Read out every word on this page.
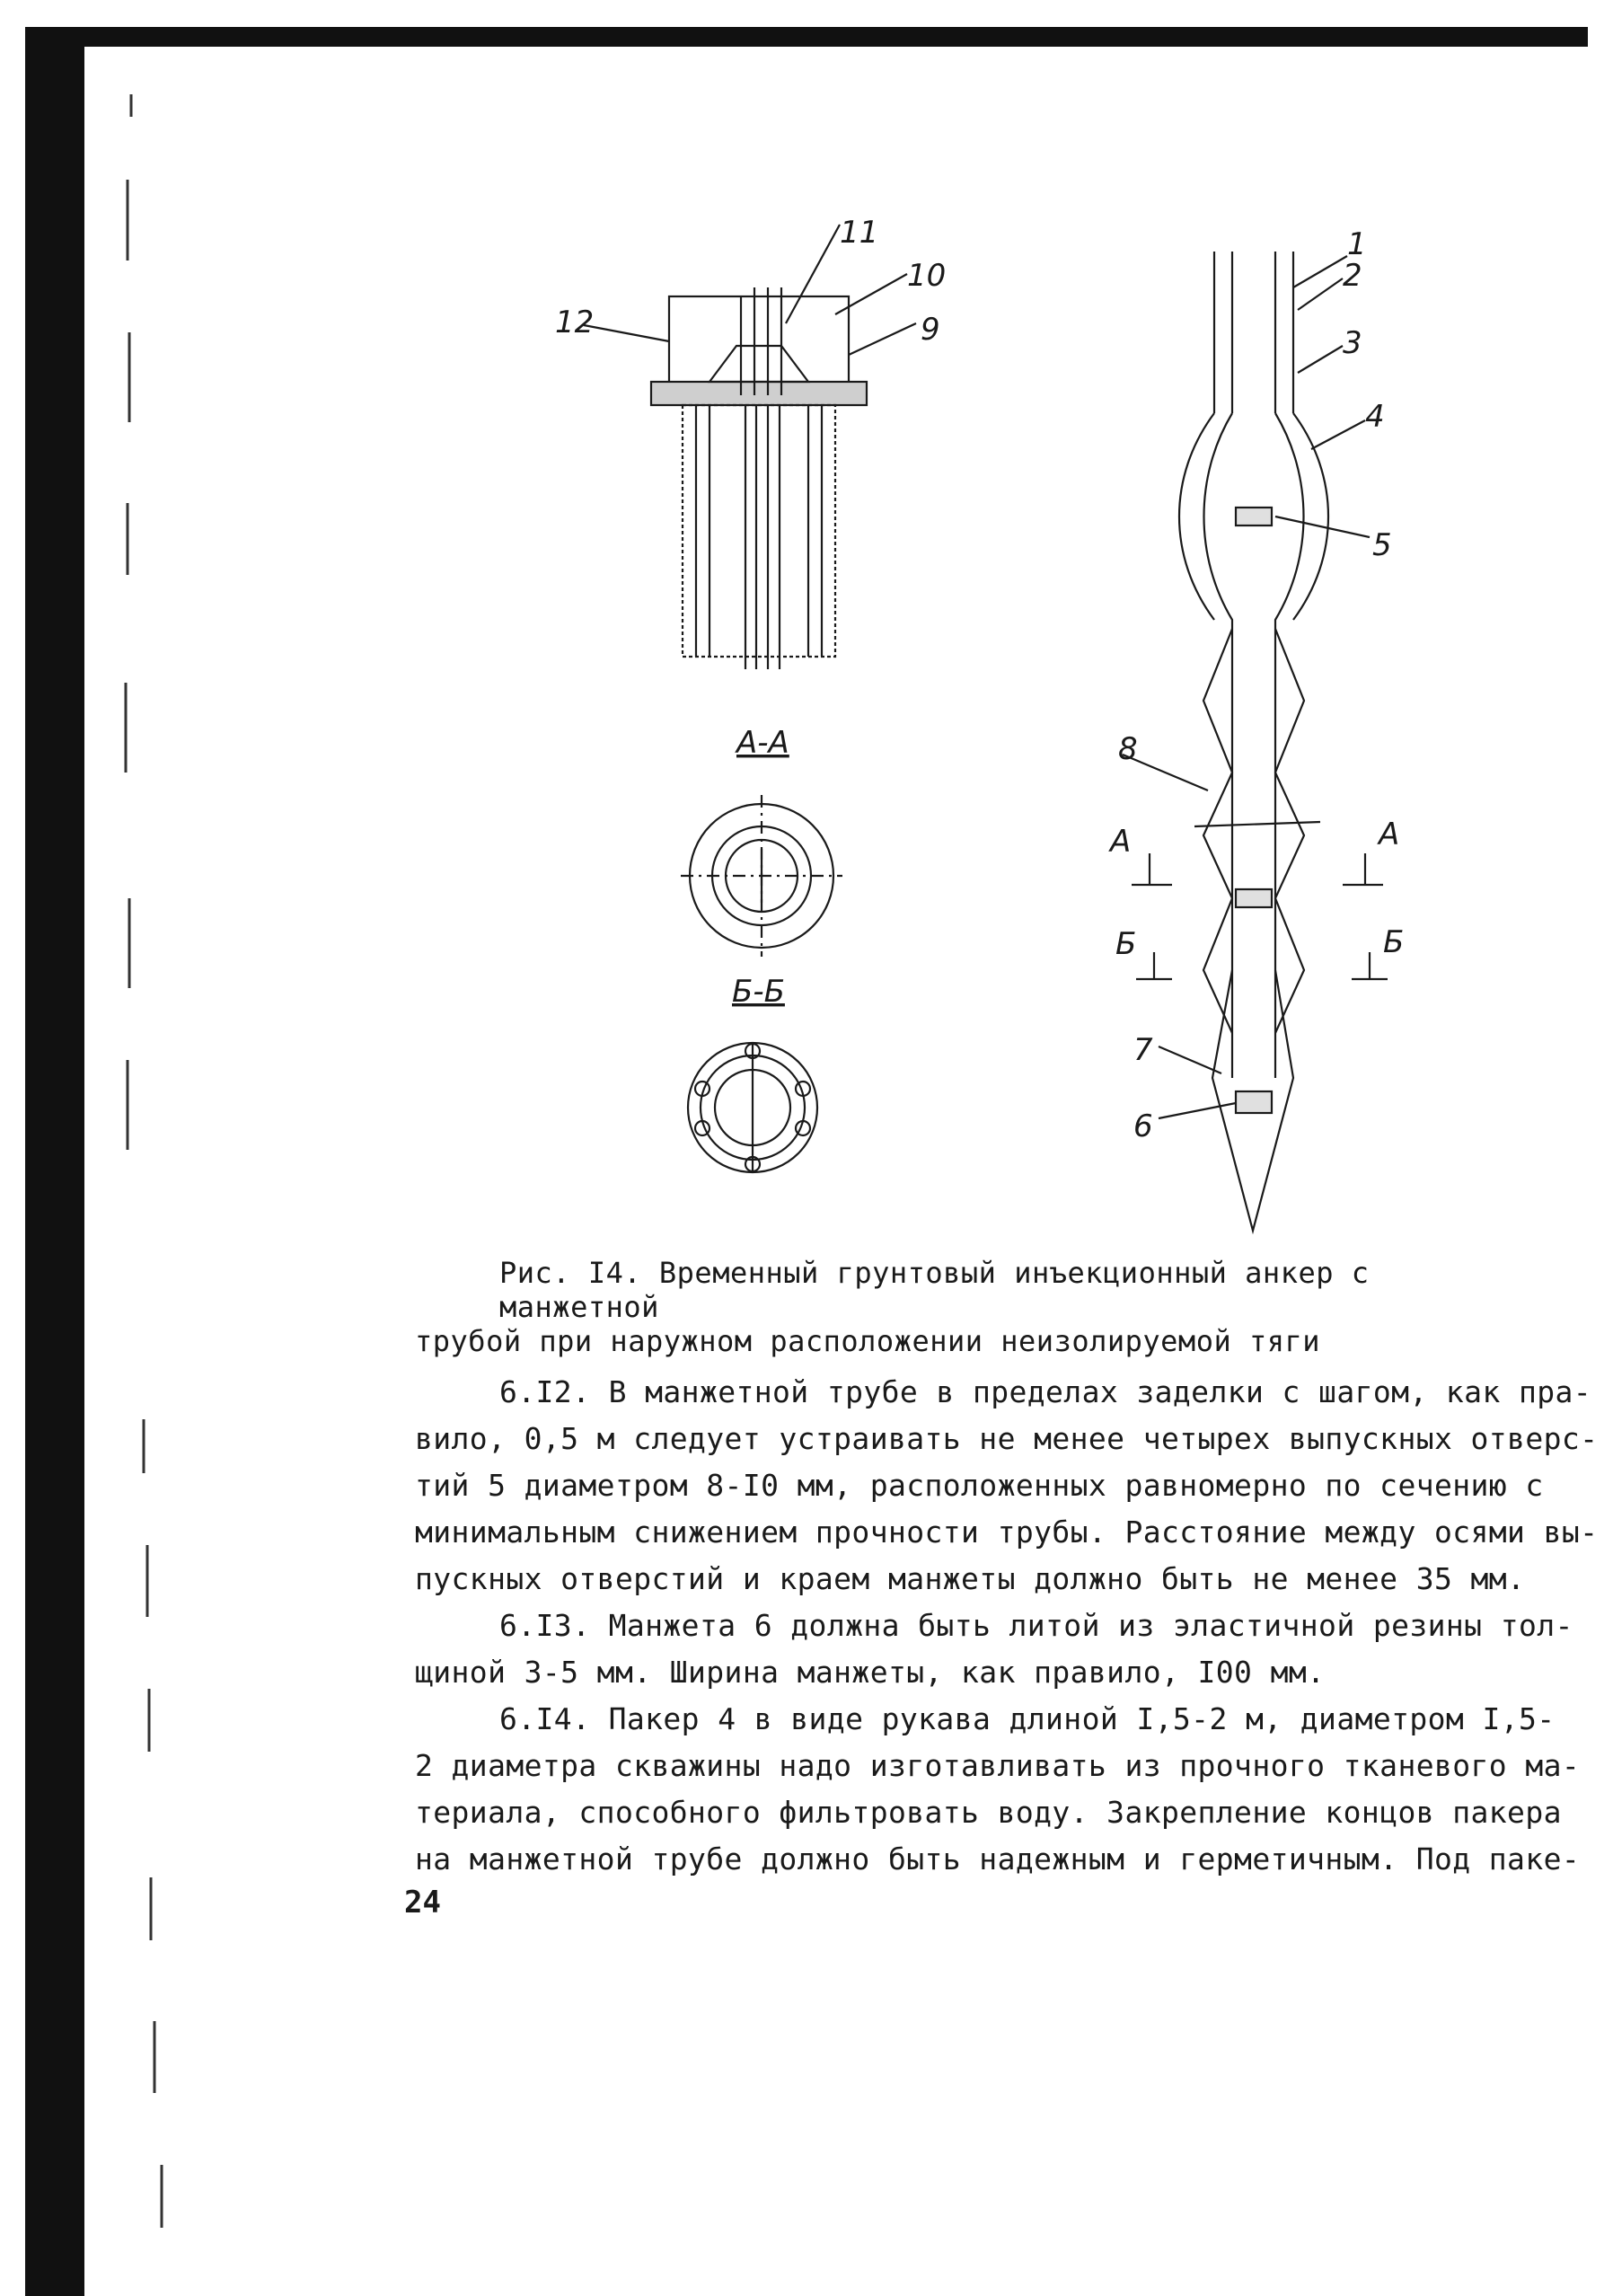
12
11
10
9
1
2
3
4
5
8
7
6
А-А
Б-Б
А	А
Б	Б

Рис. I4. Временный грунтовый инъекционный анкер с манжетной

трубой при наружном расположении неизолируемой тяги

6.I2. В манжетной трубе в пределах заделки с шагом, как пра-
вило, 0,5 м следует устраивать не менее четырех выпускных отверс-
тий 5 диаметром 8-I0 мм, расположенных равномерно по сечению с
минимальным снижением прочности трубы. Расстояние между осями вы-
пускных отверстий и краем манжеты должно быть не менее 35 мм.
6.I3. Манжета 6 должна быть литой из эластичной резины тол-
щиной 3-5 мм. Ширина манжеты, как правило, I00 мм.
6.I4. Пакер 4 в виде рукава длиной I,5-2 м, диаметром I,5-
2 диаметра скважины надо изготавливать из прочного тканевого ма-
териала, способного фильтровать воду. Закрепление концов пакера
на манжетной трубе должно быть надежным и герметичным. Под паке-
24
